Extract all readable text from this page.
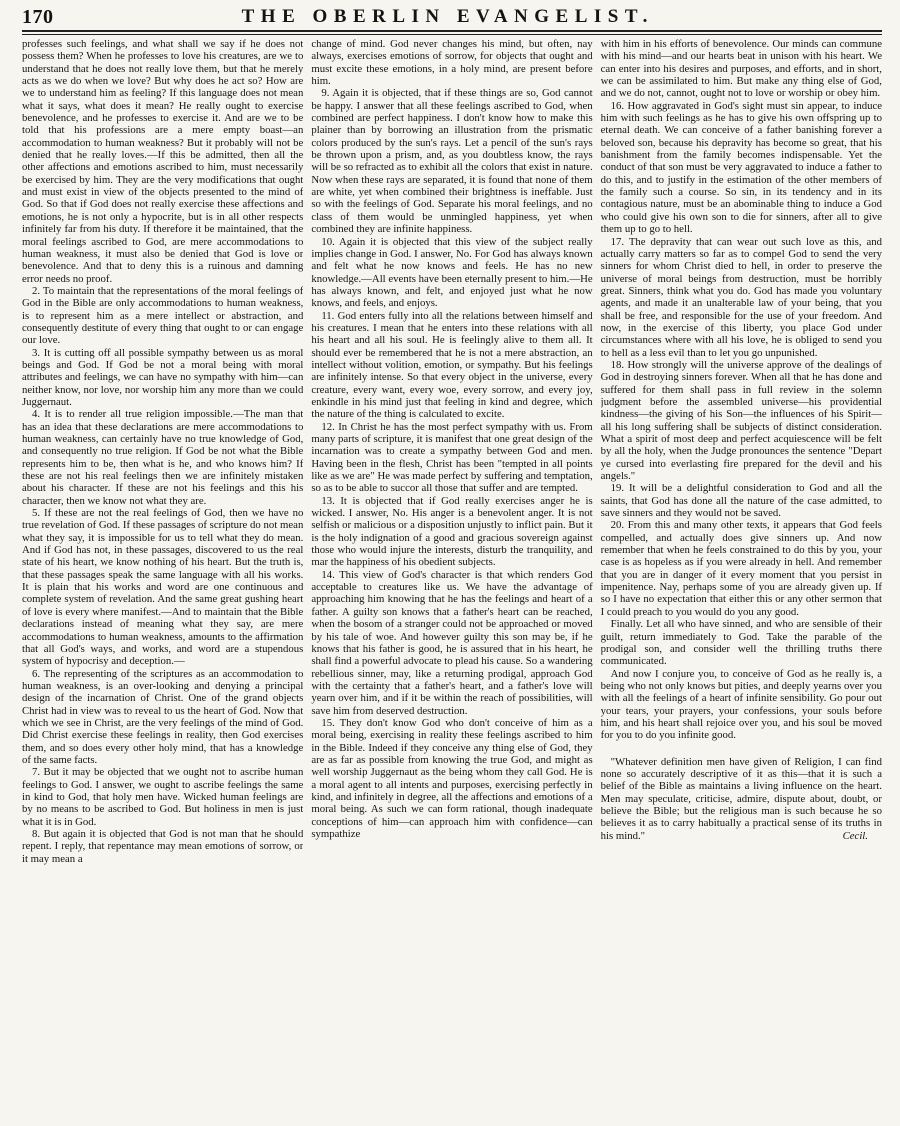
170	THE OBERLIN EVANGELIST.

professes such feelings, and what shall we say if he does not possess them? When he professes to love his creatures, are we to understand that he does not really love them, but that he merely acts as we do when we love? But why does he act so? How are we to understand him as feeling? If this language does not mean what it says, what does it mean? He really ought to exercise benevolence, and he professes to exercise it. And are we to be told that his professions are a mere empty boast—an accommodation to human weakness? But it probably will not be denied that he really loves.—If this be admitted, then all the other affections and emotions ascribed to him, must necessarily be exercised by him. They are the very modifications that ought and must exist in view of the objects presented to the mind of God. So that if God does not really exercise these affections and emotions, he is not only a hypocrite, but is in all other respects infinitely far from his duty. If therefore it be maintained, that the moral feelings ascribed to God, are mere accommodations to human weakness, it must also be denied that God is love or benevolence. And that to deny this is a ruinous and damning error needs no proof.

2. To maintain that the representations of the moral feelings of God in the Bible are only accommodations to human weakness, is to represent him as a mere intellect or abstraction, and consequently destitute of every thing that ought to or can engage our love.

3. It is cutting off all possible sympathy between us as moral beings and God. If God be not a moral being with moral attributes and feelings, we can have no sympathy with him—can neither know, nor love, nor worship him any more than we could Juggernaut.

4. It is to render all true religion impossible.—The man that has an idea that these declarations are mere accommodations to human weakness, can certainly have no true knowledge of God, and consequently no true religion. If God be not what the Bible represents him to be, then what is he, and who knows him? If these are not his real feelings then we are infinitely mistaken about his character. If these are not his feelings and this his character, then we know not what they are.

5. If these are not the real feelings of God, then we have no true revelation of God. If these passages of scripture do not mean what they say, it is impossible for us to tell what they do mean. And if God has not, in these passages, discovered to us the real state of his heart, we know nothing of his heart. But the truth is, that these passages speak the same language with all his works. It is plain that his works and word are one continuous and complete system of revelation. And the same great gushing heart of love is every where manifest.—And to maintain that the Bible declarations instead of meaning what they say, are mere accommodations to human weakness, amounts to the affirmation that all God's ways, and works, and word are a stupendous system of hypocrisy and deception.—

6. The representing of the scriptures as an accommodation to human weakness, is an over-looking and denying a principal design of the incarnation of Christ. One of the grand objects Christ had in view was to reveal to us the heart of God. Now that which we see in Christ, are the very feelings of the mind of God. Did Christ exercise these feelings in reality, then God exercises them, and so does every other holy mind, that has a knowledge of the same facts.

7. But it may be objected that we ought not to ascribe human feelings to God. I answer, we ought to ascribe feelings the same in kind to God, that holy men have. Wicked human feelings are by no means to be ascribed to God. But holiness in men is just what it is in God.

8. But again it is objected that God is not man that he should repent. I reply, that repentance may mean emotions of sorrow, or it may mean a

change of mind. God never changes his mind, but often, nay always, exercises emotions of sorrow, for objects that ought and must excite these emotions, in a holy mind, are present before him.

9. Again it is objected, that if these things are so, God cannot be happy. I answer that all these feelings ascribed to God, when combined are perfect happiness. I don't know how to make this plainer than by borrowing an illustration from the prismatic colors produced by the sun's rays. Let a pencil of the sun's rays be thrown upon a prism, and, as you doubtless know, the rays will be so refracted as to exhibit all the colors that exist in nature. Now when these rays are separated, it is found that none of them are white, yet when combined their brightness is ineffable. Just so with the feelings of God. Separate his moral feelings, and no class of them would be unmingled happiness, yet when combined they are infinite happiness.

10. Again it is objected that this view of the subject really implies change in God. I answer, No. For God has always known and felt what he now knows and feels. He has no new knowledge.—All events have been eternally present to him.—He has always known, and felt, and enjoyed just what he now knows, and feels, and enjoys.

11. God enters fully into all the relations between himself and his creatures. I mean that he enters into these relations with all his heart and all his soul. He is feelingly alive to them all. It should ever be remembered that he is not a mere abstraction, an intellect without volition, emotion, or sympathy. But his feelings are infinitely intense. So that every object in the universe, every creature, every want, every woe, every sorrow, and every joy, enkindle in his mind just that feeling in kind and degree, which the nature of the thing is calculated to excite.

12. In Christ he has the most perfect sympathy with us. From many parts of scripture, it is manifest that one great design of the incarnation was to create a sympathy between God and men. Having been in the flesh, Christ has been "tempted in all points like as we are" He was made perfect by suffering and temptation, so as to be able to succor all those that suffer and are tempted.

13. It is objected that if God really exercises anger he is wicked. I answer, No. His anger is a benevolent anger. It is not selfish or malicious or a disposition unjustly to inflict pain. But it is the holy indignation of a good and gracious sovereign against those who would injure the interests, disturb the tranquility, and mar the happiness of his obedient subjects.

14. This view of God's character is that which renders God acceptable to creatures like us. We have the advantage of approaching him knowing that he has the feelings and heart of a father. A guilty son knows that a father's heart can be reached, when the bosom of a stranger could not be approached or moved by his tale of woe. And however guilty this son may be, if he knows that his father is good, he is assured that in his heart, he shall find a powerful advocate to plead his cause. So a wandering rebellious sinner, may, like a returning prodigal, approach God with the certainty that a father's heart, and a father's love will yearn over him, and if it be within the reach of possibilities, will save him from deserved destruction.

15. They don't know God who don't conceive of him as a moral being, exercising in reality these feelings ascribed to him in the Bible. Indeed if they conceive any thing else of God, they are as far as possible from knowing the true God, and might as well worship Juggernaut as the being whom they call God. He is a moral agent to all intents and purposes, exercising perfectly in kind, and infinitely in degree, all the affections and emotions of a moral being. As such we can form rational, though inadequate conceptions of him—can approach him with confidence—can sympathize

with him in his efforts of benevolence. Our minds can commune with his mind—and our hearts beat in unison with his heart. We can enter into his desires and purposes, and efforts, and in short, we can be assimilated to him. But make any thing else of God, and we do not, cannot, ought not to love or worship or obey him.

16. How aggravated in God's sight must sin appear, to induce him with such feelings as he has to give his own offspring up to eternal death. We can conceive of a father banishing forever a beloved son, because his depravity has become so great, that his banishment from the family becomes indispensable. Yet the conduct of that son must be very aggravated to induce a father to do this, and to justify in the estimation of the other members of the family such a course. So sin, in its tendency and in its contagious nature, must be an abominable thing to induce a God who could give his own son to die for sinners, after all to give them up to go to hell.

17. The depravity that can wear out such love as this, and actually carry matters so far as to compel God to send the very sinners for whom Christ died to hell, in order to preserve the universe of moral beings from destruction, must be horribly great. Sinners, think what you do. God has made you voluntary agents, and made it an unalterable law of your being, that you shall be free, and responsible for the use of your freedom. And now, in the exercise of this liberty, you place God under circumstances where with all his love, he is obliged to send you to hell as a less evil than to let you go unpunished.

18. How strongly will the universe approve of the dealings of God in destroying sinners forever. When all that he has done and suffered for them shall pass in full review in the solemn judgment before the assembled universe—his providential kindness—the giving of his Son—the influences of his Spirit—all his long suffering shall be subjects of distinct consideration. What a spirit of most deep and perfect acquiescence will be felt by all the holy, when the Judge pronounces the sentence "Depart ye cursed into everlasting fire prepared for the devil and his angels."

19. It will be a delightful consideration to God and all the saints, that God has done all the nature of the case admitted, to save sinners and they would not be saved.

20. From this and many other texts, it appears that God feels compelled, and actually does give sinners up. And now remember that when he feels constrained to do this by you, your case is as hopeless as if you were already in hell. And remember that you are in danger of it every moment that you persist in impenitence. Nay, perhaps some of you are already given up. If so I have no expectation that either this or any other sermon that I could preach to you would do you any good.

Finally. Let all who have sinned, and who are sensible of their guilt, return immediately to God. Take the parable of the prodigal son, and consider well the thrilling truths there communicated.

And now I conjure you, to conceive of God as he really is, a being who not only knows but pities, and deeply yearns over you with all the feelings of a heart of infinite sensibility. Go pour out your tears, your prayers, your confessions, your souls before him, and his heart shall rejoice over you, and his soul be moved for you to do you infinite good.

"Whatever definition men have given of Religion, I can find none so accurately descriptive of it as this—that it is such a belief of the Bible as maintains a living influence on the heart. Men may speculate, criticise, admire, dispute about, doubt, or believe the Bible; but the religious man is such because he so believes it as to carry habitually a practical sense of its truths in his mind."	Cecil.
